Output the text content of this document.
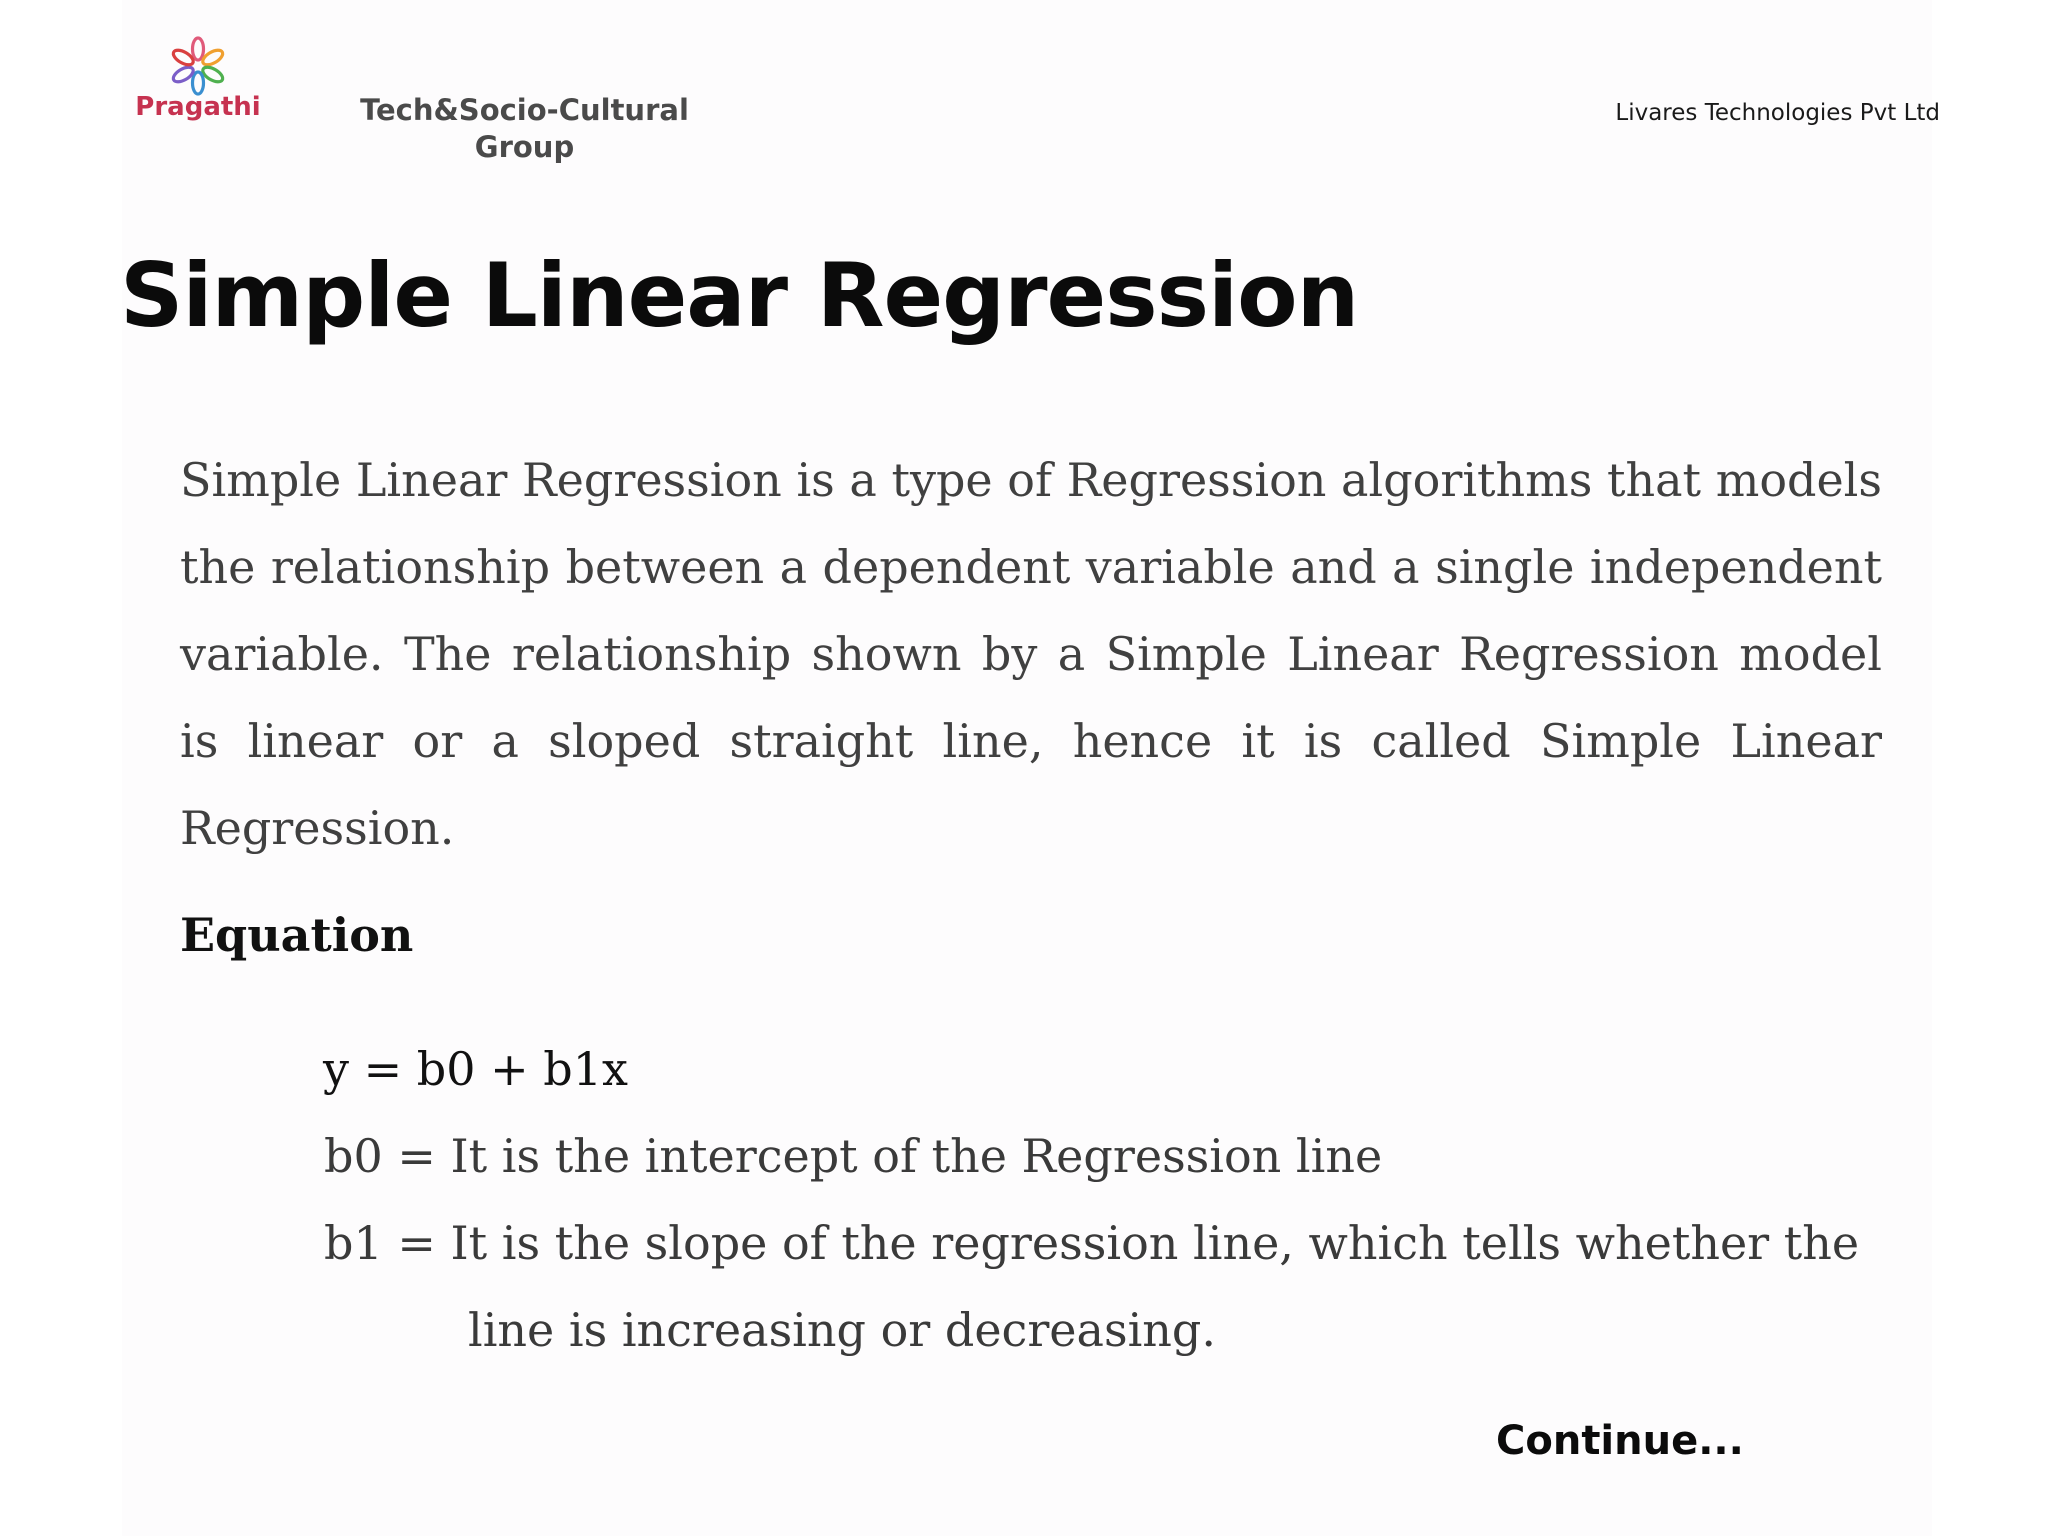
Pragathi	Tech&Socio-Cultural
Group
Livares Technologies Pvt Ltd
Simple Linear Regression
Simple Linear Regression is a type of Regression algorithms that models the relationship between a dependent variable and a single independent variable. The relationship shown by a Simple Linear Regression model is linear or a sloped straight line, hence it is called Simple Linear Regression.
Equation
y = b0 + b1x
b0 = It is the intercept of the Regression line
b1 = It is the slope of the regression line, which tells whether the
line is increasing or decreasing.
Continue...
